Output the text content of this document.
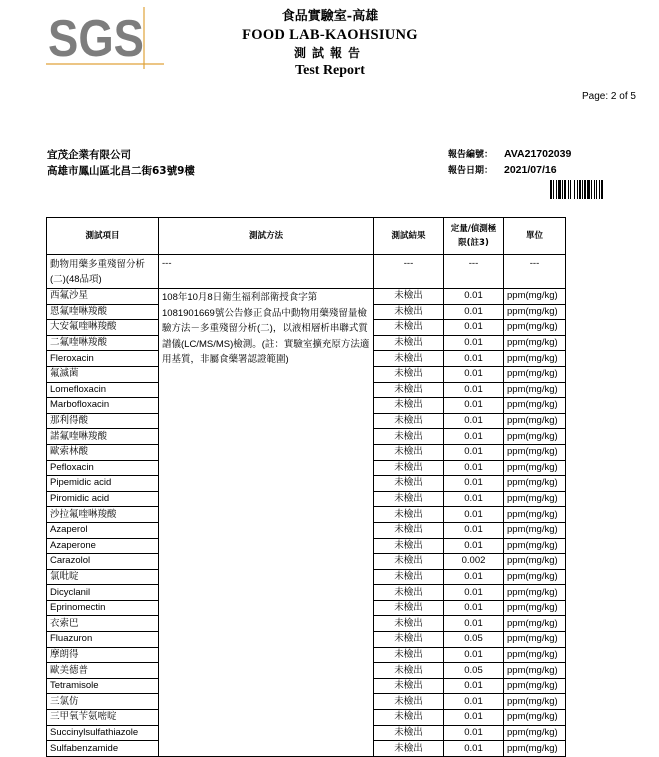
SGS	食品實驗室-高雄
FOOD LAB-KAOHSIUNG
測試報告
Test Report
Page: 2 of 5
宜茂企業有限公司
高雄市鳳山區北昌二街63號9樓
報告編號： AVA21702039
報告日期： 2021/07/16
測試項目	測試方法	測試結果	定量/偵測極限(註3)	單位
動物用藥多重殘留分析(二)(48品項)	---	---	---	---
西氟沙星	108年10月8日衛生福利部衛授食字第1081901669號公告修正食品中動物用藥殘留量檢驗方法－多重殘留分析(二)，以液相層析串聯式質譜儀(LC/MS/MS)檢測。(註：實驗室擴充原方法適用基質，非屬食藥署認證範圍)	未檢出	0.01	ppm(mg/kg)
恩氟喹啉羧酸		未檢出	0.01	ppm(mg/kg)
大安氟喹啉羧酸		未檢出	0.01	ppm(mg/kg)
二氟喹啉羧酸		未檢出	0.01	ppm(mg/kg)
Fleroxacin		未檢出	0.01	ppm(mg/kg)
氟滅菌		未檢出	0.01	ppm(mg/kg)
Lomefloxacin		未檢出	0.01	ppm(mg/kg)
Marbofloxacin		未檢出	0.01	ppm(mg/kg)
那利得酸		未檢出	0.01	ppm(mg/kg)
諾氟喹啉羧酸		未檢出	0.01	ppm(mg/kg)
歐索林酸		未檢出	0.01	ppm(mg/kg)
Pefloxacin		未檢出	0.01	ppm(mg/kg)
Pipemidic acid		未檢出	0.01	ppm(mg/kg)
Piromidic acid		未檢出	0.01	ppm(mg/kg)
沙拉氟喹啉羧酸		未檢出	0.01	ppm(mg/kg)
Azaperol		未檢出	0.01	ppm(mg/kg)
Azaperone		未檢出	0.01	ppm(mg/kg)
Carazolol		未檢出	0.002	ppm(mg/kg)
氯吡啶		未檢出	0.01	ppm(mg/kg)
Dicyclanil		未檢出	0.01	ppm(mg/kg)
Eprinomectin		未檢出	0.01	ppm(mg/kg)
衣索巴		未檢出	0.01	ppm(mg/kg)
Fluazuron		未檢出	0.05	ppm(mg/kg)
摩朗得		未檢出	0.01	ppm(mg/kg)
歐美德普		未檢出	0.05	ppm(mg/kg)
Tetramisole		未檢出	0.01	ppm(mg/kg)
三氯仿		未檢出	0.01	ppm(mg/kg)
三甲氧苄氨嘧啶		未檢出	0.01	ppm(mg/kg)
Succinylsulfathiazole		未檢出	0.01	ppm(mg/kg)
Sulfabenzamide		未檢出	0.01	ppm(mg/kg)
